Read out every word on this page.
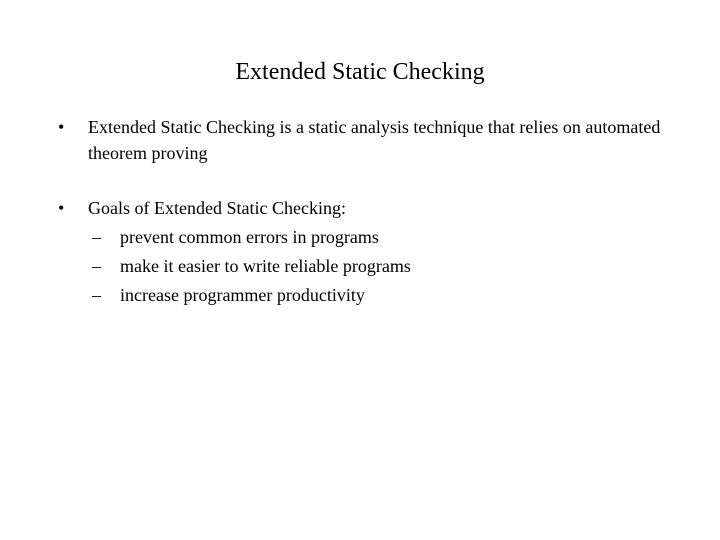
Extended Static Checking
•	Extended Static Checking is a static analysis technique that relies on automated theorem proving
•	Goals of Extended Static Checking:
–	prevent common errors in programs
–	make it easier to write reliable programs
–	increase programmer productivity
